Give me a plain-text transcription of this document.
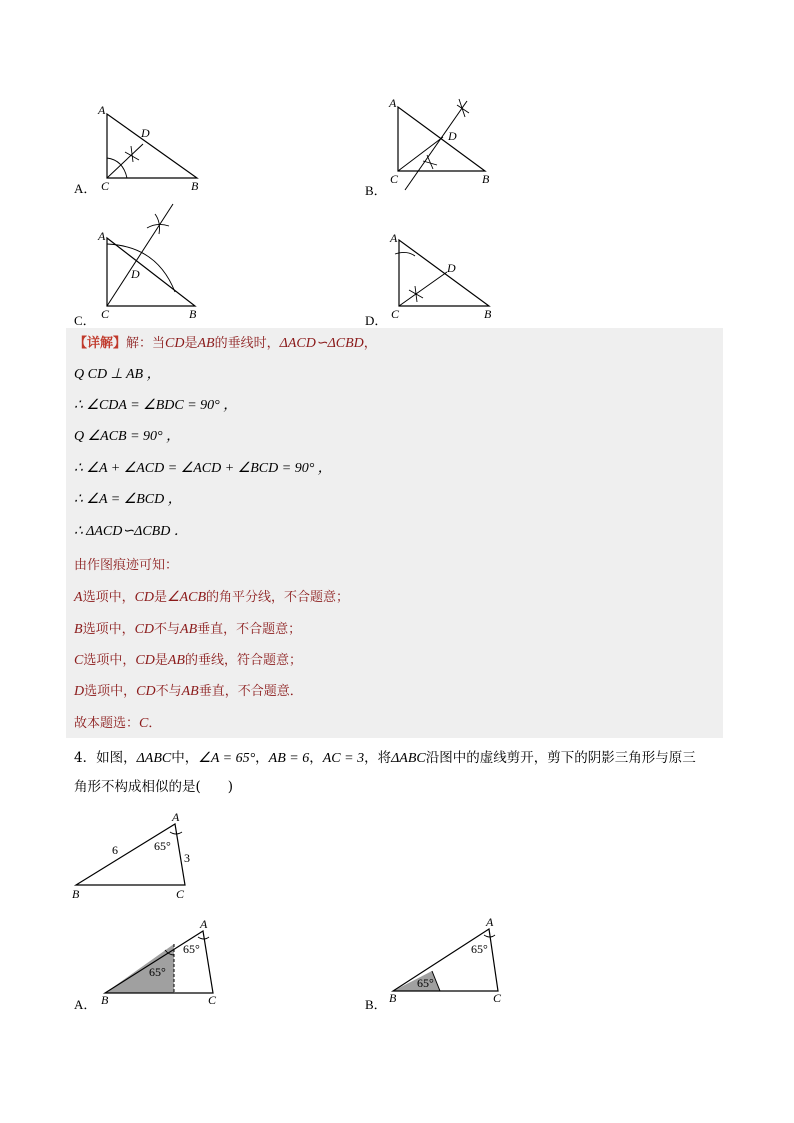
A
D
C	B
A．
A
D
C	B
B．
A
D
C	B
C．
A
D
C	B
D．
【详解】解：当CD是AB的垂线时，ΔACD∽ΔCBD，
Q CD ⊥ AB ，
∴ ∠CDA = ∠BDC = 90° ，
Q ∠ACB = 90° ，
∴ ∠A + ∠ACD = ∠ACD + ∠BCD = 90° ，
∴ ∠A = ∠BCD ，
∴ ΔACD∽ΔCBD ．
由作图痕迹可知：
A选项中，CD是∠ACB的角平分线，不合题意；
B选项中，CD不与AB垂直，不合题意；
C选项中，CD是AB的垂线，符合题意；
D选项中，CD不与AB垂直，不合题意．
故本题选：C．
4．如图，ΔABC中，∠A = 65°，AB = 6，AC = 3，将ΔABC沿图中的虚线剪开，剪下的阴影三角形与原三
角形不构成相似的是(　　)
A
B	C
6
3
65°
A
B	C
65°
65°
A．
A
B	C
65°
65°
B．
